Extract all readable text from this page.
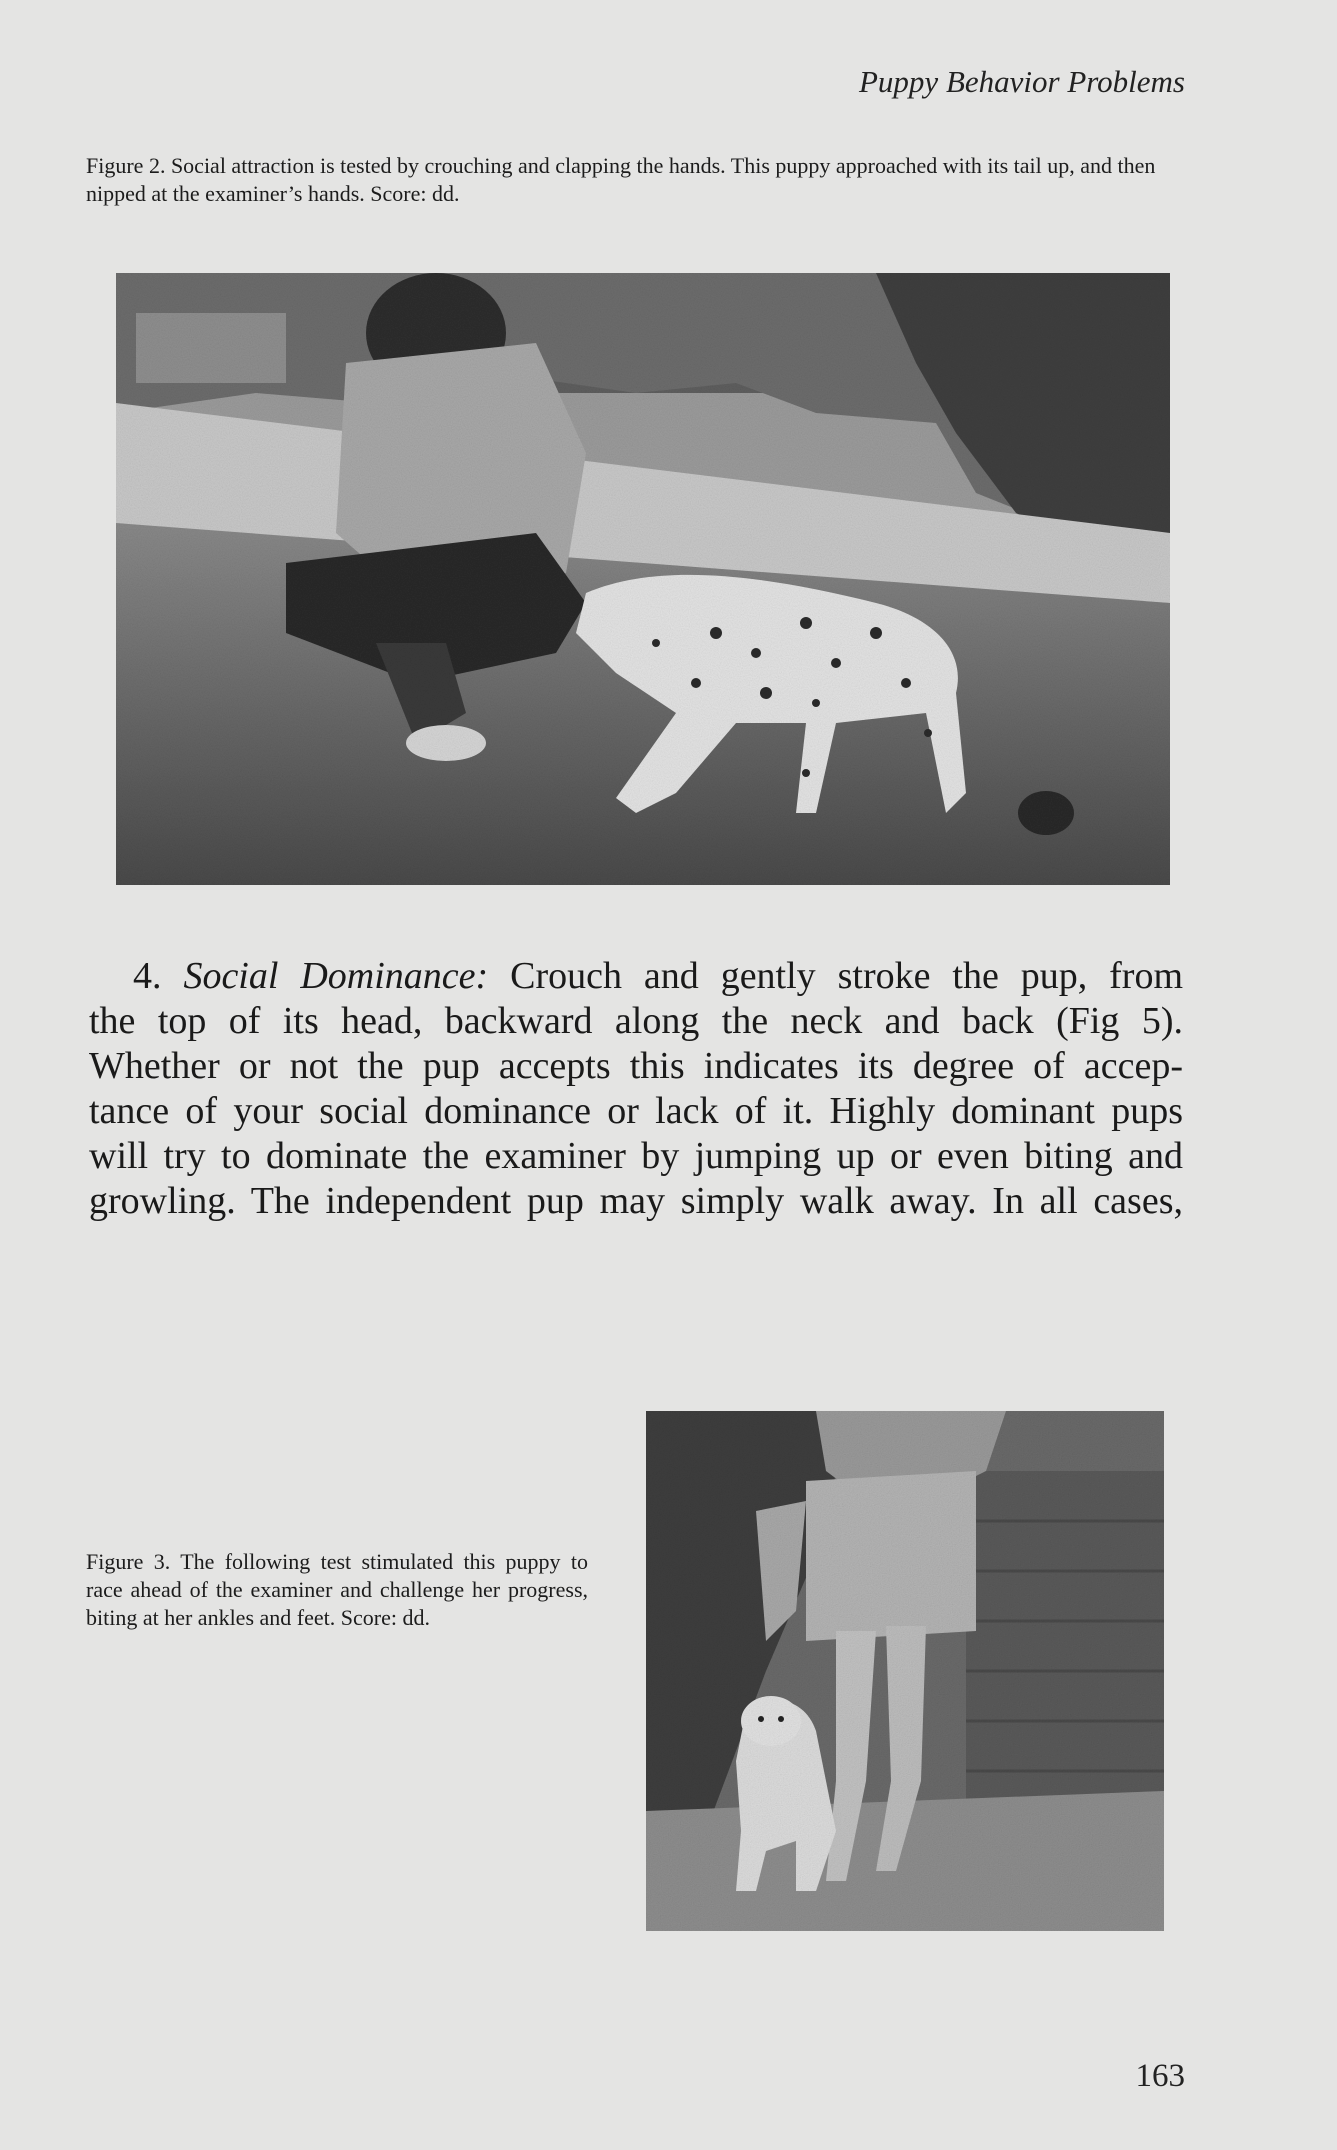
Puppy Behavior Problems

Figure 2. Social attraction is tested by crouching and clapping the hands. This puppy approached with its tail up, and then nipped at the examiner’s hands. Score: dd.

4. Social Dominance: Crouch and gently stroke the pup, from
the top of its head, backward along the neck and back (Fig 5).
Whether or not the pup accepts this indicates its degree of accep-
tance of your social dominance or lack of it. Highly dominant pups
will try to dominate the examiner by jumping up or even biting and
growling. The independent pup may simply walk away. In all cases,

Figure 3. The following test stimulated this puppy to race ahead of the examiner and challenge her progress, biting at her ankles and feet. Score: dd.

163
